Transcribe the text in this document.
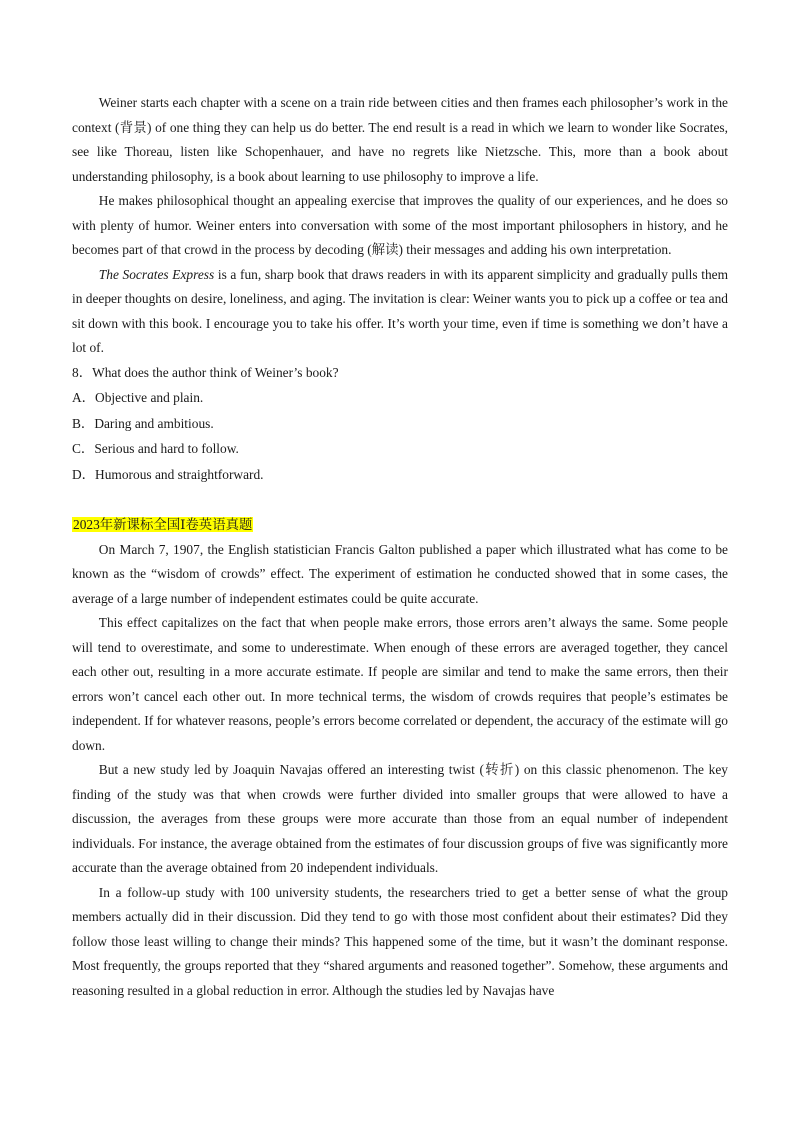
Weiner starts each chapter with a scene on a train ride between cities and then frames each philosopher’s work in the context (背景) of one thing they can help us do better. The end result is a read in which we learn to wonder like Socrates, see like Thoreau, listen like Schopenhauer, and have no regrets like Nietzsche. This, more than a book about understanding philosophy, is a book about learning to use philosophy to improve a life.

He makes philosophical thought an appealing exercise that improves the quality of our experiences, and he does so with plenty of humor. Weiner enters into conversation with some of the most important philosophers in history, and he becomes part of that crowd in the process by decoding (解读) their messages and adding his own interpretation.

The Socrates Express is a fun, sharp book that draws readers in with its apparent simplicity and gradually pulls them in deeper thoughts on desire, loneliness, and aging. The invitation is clear: Weiner wants you to pick up a coffee or tea and sit down with this book. I encourage you to take his offer. It’s worth your time, even if time is something we don’t have a lot of.

8．What does the author think of Weiner’s book?
A．Objective and plain.
B．Daring and ambitious.
C．Serious and hard to follow.
D．Humorous and straightforward.
2023年新课标全国Ⅰ卷英语真题

On March 7, 1907, the English statistician Francis Galton published a paper which illustrated what has come to be known as the “wisdom of crowds” effect. The experiment of estimation he conducted showed that in some cases, the average of a large number of independent estimates could be quite accurate.

This effect capitalizes on the fact that when people make errors, those errors aren’t always the same. Some people will tend to overestimate, and some to underestimate. When enough of these errors are averaged together, they cancel each other out, resulting in a more accurate estimate. If people are similar and tend to make the same errors, then their errors won’t cancel each other out. In more technical terms, the wisdom of crowds requires that people’s estimates be independent. If for whatever reasons, people’s errors become correlated or dependent, the accuracy of the estimate will go down.

But a new study led by Joaquin Navajas offered an interesting twist (转折) on this classic phenomenon. The key finding of the study was that when crowds were further divided into smaller groups that were allowed to have a discussion, the averages from these groups were more accurate than those from an equal number of independent individuals. For instance, the average obtained from the estimates of four discussion groups of five was significantly more accurate than the average obtained from 20 independent individuals.

In a follow-up study with 100 university students, the researchers tried to get a better sense of what the group members actually did in their discussion. Did they tend to go with those most confident about their estimates? Did they follow those least willing to change their minds? This happened some of the time, but it wasn’t the dominant response. Most frequently, the groups reported that they “shared arguments and reasoned together”. Somehow, these arguments and reasoning resulted in a global reduction in error. Although the studies led by Navajas have
